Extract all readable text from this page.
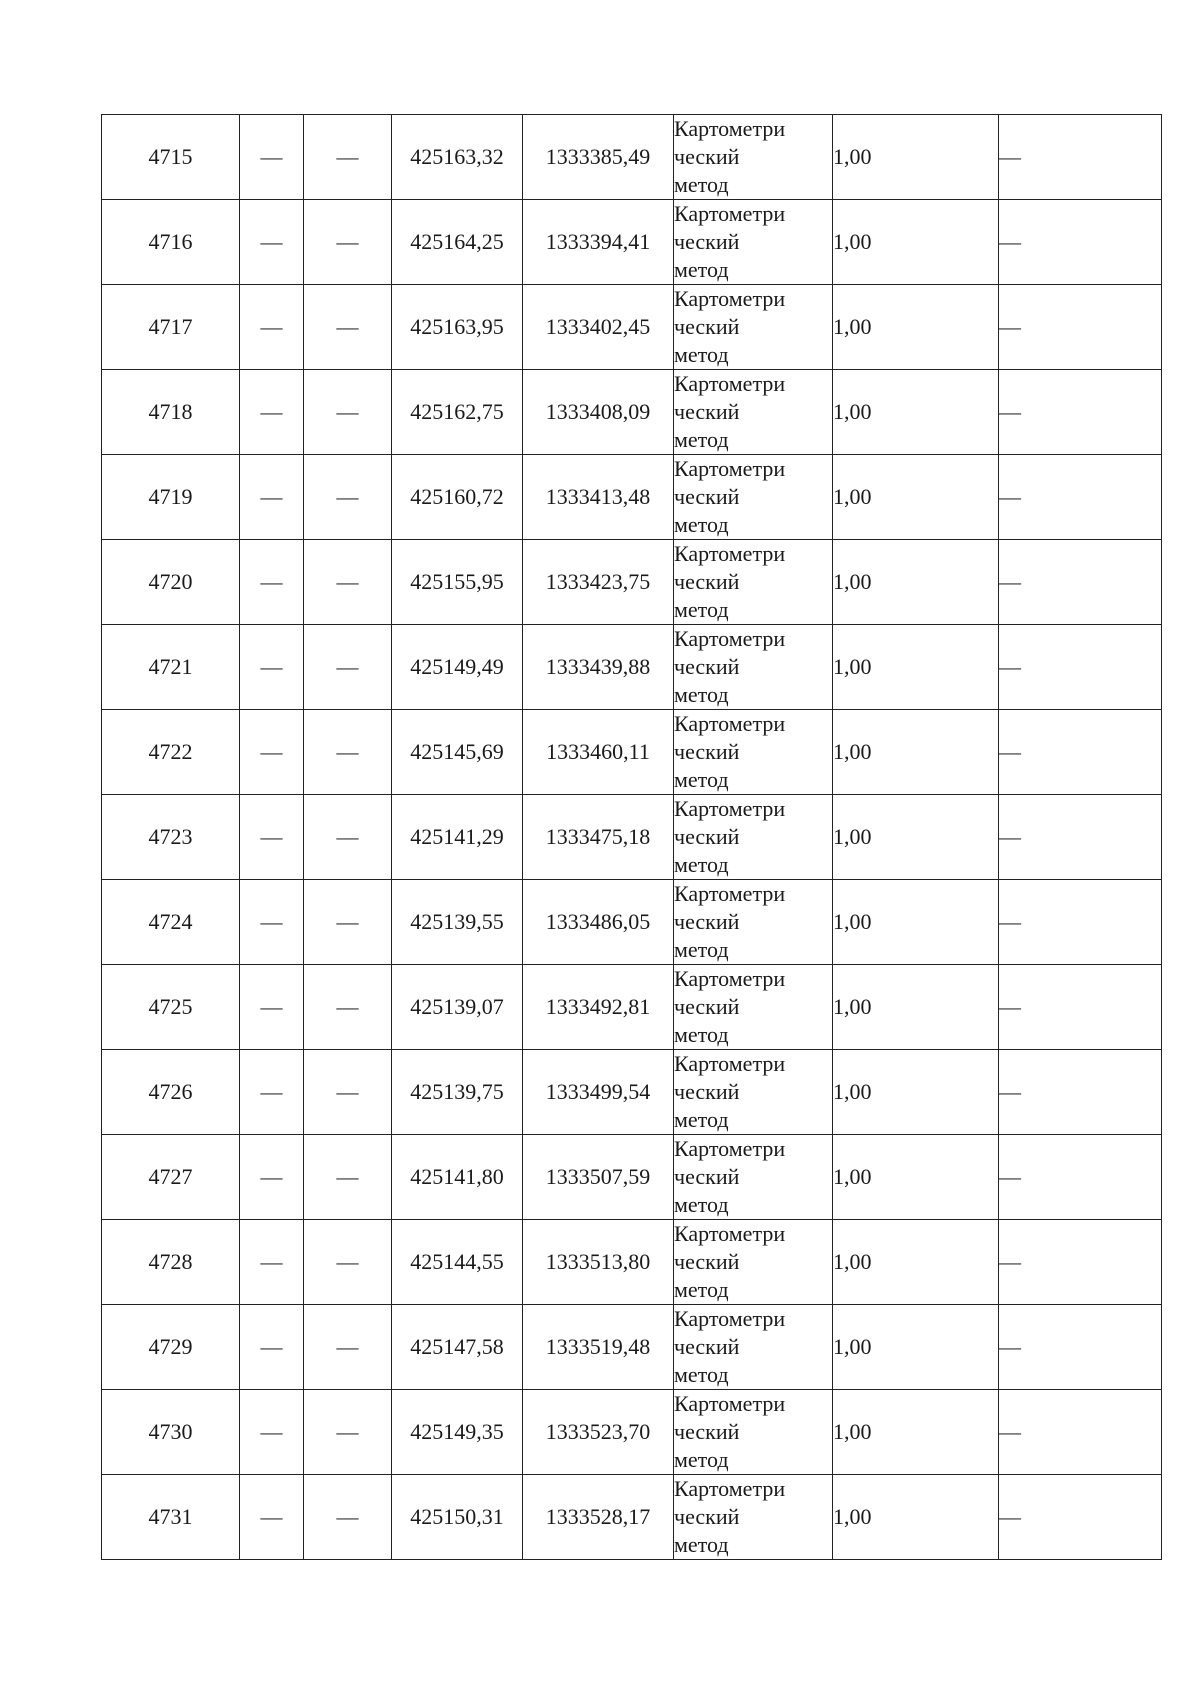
4715	—	—	425163,32	1333385,49	Картометри
ческий
метод	1,00	—
4716	—	—	425164,25	1333394,41	Картометри
ческий
метод	1,00	—
4717	—	—	425163,95	1333402,45	Картометри
ческий
метод	1,00	—
4718	—	—	425162,75	1333408,09	Картометри
ческий
метод	1,00	—
4719	—	—	425160,72	1333413,48	Картометри
ческий
метод	1,00	—
4720	—	—	425155,95	1333423,75	Картометри
ческий
метод	1,00	—
4721	—	—	425149,49	1333439,88	Картометри
ческий
метод	1,00	—
4722	—	—	425145,69	1333460,11	Картометри
ческий
метод	1,00	—
4723	—	—	425141,29	1333475,18	Картометри
ческий
метод	1,00	—
4724	—	—	425139,55	1333486,05	Картометри
ческий
метод	1,00	—
4725	—	—	425139,07	1333492,81	Картометри
ческий
метод	1,00	—
4726	—	—	425139,75	1333499,54	Картометри
ческий
метод	1,00	—
4727	—	—	425141,80	1333507,59	Картометри
ческий
метод	1,00	—
4728	—	—	425144,55	1333513,80	Картометри
ческий
метод	1,00	—
4729	—	—	425147,58	1333519,48	Картометри
ческий
метод	1,00	—
4730	—	—	425149,35	1333523,70	Картометри
ческий
метод	1,00	—
4731	—	—	425150,31	1333528,17	Картометри
ческий
метод	1,00	—
